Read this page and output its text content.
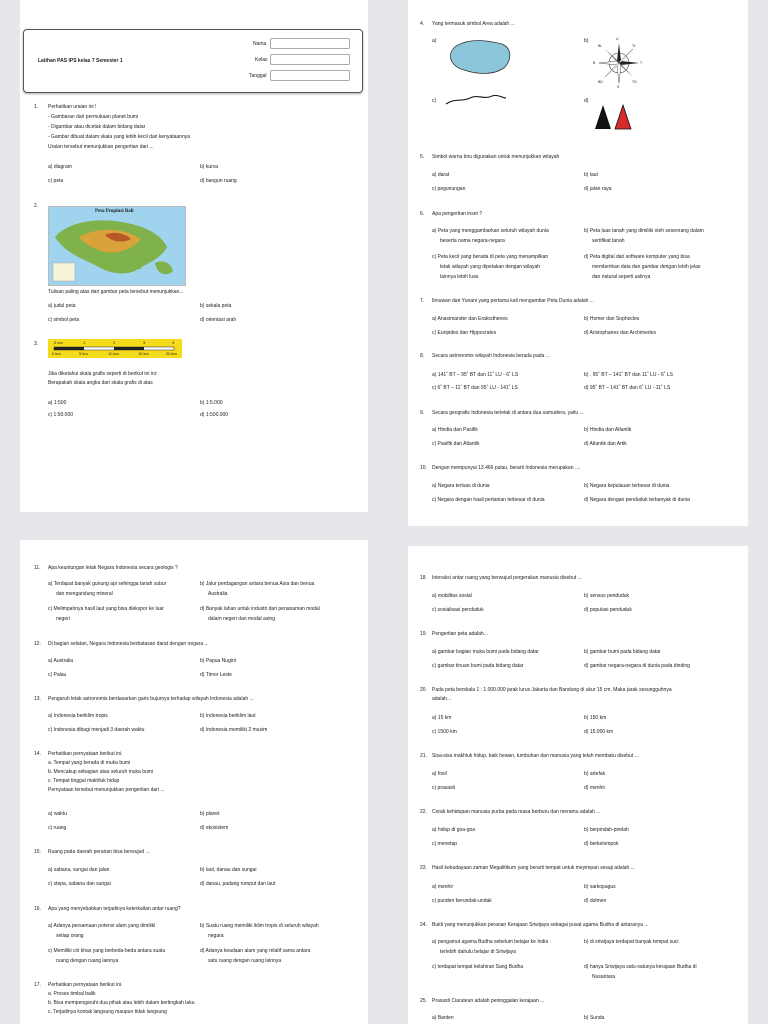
Latihan PAS IPS kelas 7 Semester 1
Nama
Kelas
Tanggal
1. Perhatikan uraian ini !
- Gambaran dari permukaan planet bumi
- Digambar atau dicetak dalam bidang datar
- Gambar dibuat dalam skala yang lebih kecil dari kenyataannya
Uraian tersebut menunjukkan pengertian dari ...
a) diagram	b) kurva
c) peta	d) bangun ruang
2.
Peta Propinsi Bali
Tulisan paling atas dari gambar peta tersebut menunjukkan...
a) judul peta	b) sekala peta
c) simbol peta	d) orientasi arah
3.	0 cm	1	2	3	4
0 km	5 km	10 km	15 km	20 km
Jika diketahui skala grafis seperti di berikut ini ini:
Berapakah skala angka dari skala grafis di atas
a) 1:500	b) 1:5.000
c) 1:50.000	d) 1:500.000
4. Yang termasuk simbol Area adalah ...
a)	b)	U
TL
T
TG
S
BD
B
BL
c)	d)
5. Simbol warna biru digunakan untuk menunjukkan wilayah
a) darat	b) laut
c) pegunungan	d) jalan raya
6. Apa pengertian inset ?
a) Peta yang menggambarkan seluruh wilayah dunia
beserta nama negara-negara
b) Peta luas tanah yang dimiliki oleh seseorang dalam
sertifikat tanah
c) Peta kecil yang berada di peta yang menampilkan
letak wilayah yang dipetakan dengan wilayah
lainnya lebih luas
d) Peta digital dari software komputer yang bisa
memberikan data dan gambar dengan lebih jelas
dan natural seperti aslinya
7. Ilmuwan dari Yunani yang pertama kali mengambar Peta Dunia adalah ...
a) Anaximander dan Eratosthenes	b) Homer dan Sophocles
c) Euripides dan Hippocrates	d) Aristophanes dan Archimedes
8. Secara astronomis wilayah Indonesia berada pada ...
a) 141˚ BT – 95˚ BT dan 11˚ LU - 6˚ LS	b) . 95˚ BT – 141˚ BT dan 11˚ LU - 6˚ LS
c) 6˚ BT – 11˚ BT dan 95˚ LU - 141˚ LS	d) 95˚ BT – 141˚ BT dan 6˚ LU - 11˚ LS
9. Secara geografis Indonesia terletak di antara dua samudera, yaitu ...
a) Hindia dan Pasifik	b) Hindia dan Atlantik
c) Pasifik dan Atlantik	d) Atlantik dan Artik
10. Dengan mempunyai 13.466 pulau, berarti Indonesia merupakan ....
a) Negara terluas di dunia	b) Negara kepulauan terbesar di dunia
c) Negara dengan hasil pertanian terbesar di dunia	d) Negara dengan penduduk terbanyak di dunia
11. Apa keuntungan letak Negara Indonesia secara geologis ?
a) Terdapat banyak gunung api sehingga tanah subur
dan mengandung mineral
b) Jalur perdagangan antara benua Asia dan benua
Australia
c) Melimpahnya hasil laut yang bisa diekspor ke luar
negeri
d) Banyak lahan untuk industri dari penanaman modal
dalam negeri dan modal asing
12. Di bagian selatan, Negara Indonesia berbatasan darat dengan negara ...
a) Australia	b) Papua Nugini
c) Palau	d) Timor Leste
13. Pengaruh letak astronomis berdasarkan garis bujurnya terhadap wilayah Indonesia adalah ...
a) Indonesia beriklim tropis	b) Indonesia beriklim laut
c) Indonesia dibagi menjadi 3 daerah waktu	d) Indonesia memiliki 2 musim
14. Perhatikan pernyataan berikut ini.
a. Tempat yang berada di muka bumi
b. Mencakup sebagian atau seluruh muka bumi
c. Tempat tinggal makhluk hidup
Pernyataan tersebut menunjukkan pengertian dari ...
a) waktu	b) planet
c) ruang	d) ekosistem
15. Ruang pada daerah perairan bisa berwujud ...
a) sabana, sungai dan jalan	b) laut, danau dan sungai
c) stepa, sabana dan sungai	d) danau, padang rumput dan laut
16. Apa yang menyebabkan terjadinya keterkaitan antar ruang?
a) Adanya persamaan potensi alam yang dimiliki
setiap orang
b) Suatu ruang memiliki iklim tropis di seluruh wilayah
negara
c) Memiliki ciri khas yang berbeda-beda antara suatu
ruang dengan ruang lainnya
d) Adanya keadaan alam yang relatif sama antara
satu ruang dengan ruang lainnya
17. Perhatikan pernyataan berikut ini.
a. Proses timbal balik
b. Bisa mempengaruhi dua pihak atau lebih dalam bertingkah laku
c. Terjadinya kontak langsung maupun tidak langsung
18. Interaksi antar ruang yang berwujud pergerakan manusia disebut ...
a) mobilitas sosial	b) sensus penduduk
c) sosialisasi penduduk	d) populasi penduduk
19. Pengertian peta adalah...
a) gambar bagian muka bumi pada bidang datar	b) gambar bumi pada bidang datar
c) gambar tinuan bumi pada bidang datar	d) gambar negara-negara di dunia pada dinding
20. Pada peta berskala 1 : 1.000.000 jarak lurus Jakarta dan Bandung di ukur 15 cm. Maka jarak sesungguhnya
adalah...
a) 15 km	b) 150 km
c) 1500 km	d) 15.000 km
21. Sisa-sisa makhluk hidup, baik hewan, tumbuhan dan manusia yang telah membatu disebut ...
a) fosil	b) artefak
c) prasasti	d) menhir
22. Corak kehidupan manusia purba pada masa berburu dan meramu adalah ...
a) hidup di goa-goa	b) berpindah-pindah
c) menetap	d) berkelompok
23. Hasil kebudayaan zaman Megalitikum yang berarti tempat untuk meyimpan sesaji adalah ...
a) menhir	b) sarkopagus
c) punden berundak-undak	d) dolmen
24. Bukti yang menunjukkan peranan Kerajaan Sriwijaya sebagai pusat agama Budha di antaranya ...
a) pengamut agama Budha sebelum belajar ke India
terlebih dahulu belajar di Sriwijaya
b) di sriwijaya terdapat banyak tempat suci
c) terdapat tempat kelahiran Sang Budha	d) hanya Sriwijaya satu-satunya kerajaan Budha di
Nusantara
25. Prasasti Ciaruteun adalah peninggalan kerajaan ...
a) Banten	b) Sunda
